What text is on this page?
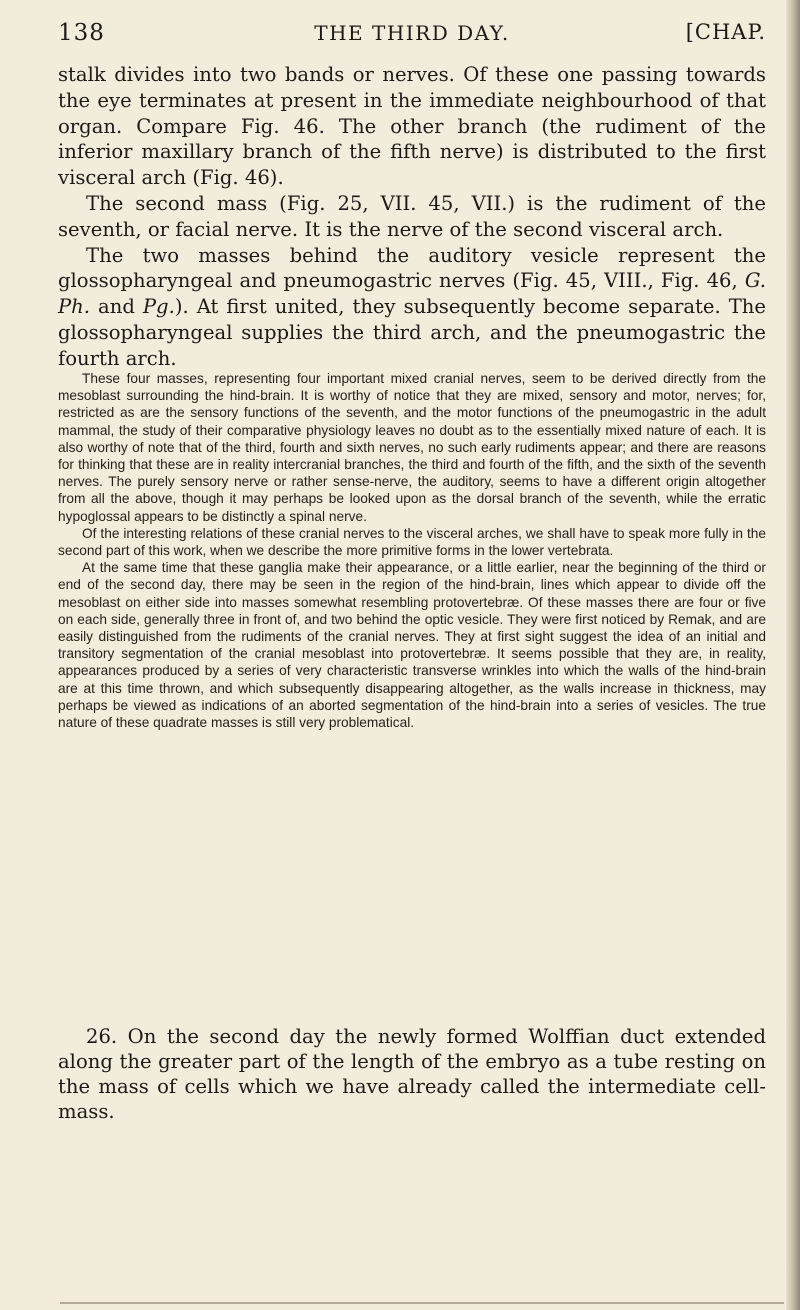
138	THE THIRD DAY.	[CHAP.

stalk divides into two bands or nerves. Of these one passing towards the eye terminates at present in the immediate neighbourhood of that organ. Compare Fig. 46. The other branch (the rudiment of the inferior maxillary branch of the fifth nerve) is distributed to the first visceral arch (Fig. 46).

The second mass (Fig. 25, VII. 45, VII.) is the rudiment of the seventh, or facial nerve. It is the nerve of the second visceral arch.

The two masses behind the auditory vesicle represent the glossopharyngeal and pneumogastric nerves (Fig. 45, VIII., Fig. 46, G. Ph. and Pg.). At first united, they subsequently become separate. The glossopharyngeal supplies the third arch, and the pneumogastric the fourth arch.

These four masses, representing four important mixed cranial nerves, seem to be derived directly from the mesoblast surrounding the hind-brain. It is worthy of notice that they are mixed, sensory and motor, nerves; for, restricted as are the sensory functions of the seventh, and the motor functions of the pneumogastric in the adult mammal, the study of their comparative physiology leaves no doubt as to the essentially mixed nature of each. It is also worthy of note that of the third, fourth and sixth nerves, no such early rudiments appear; and there are reasons for thinking that these are in reality intercranial branches, the third and fourth of the fifth, and the sixth of the seventh nerves. The purely sensory nerve or rather sense-nerve, the auditory, seems to have a different origin altogether from all the above, though it may perhaps be looked upon as the dorsal branch of the seventh, while the erratic hypoglossal appears to be distinctly a spinal nerve.

Of the interesting relations of these cranial nerves to the visceral arches, we shall have to speak more fully in the second part of this work, when we describe the more primitive forms in the lower vertebrata.

At the same time that these ganglia make their appearance, or a little earlier, near the beginning of the third or end of the second day, there may be seen in the region of the hind-brain, lines which appear to divide off the mesoblast on either side into masses somewhat resembling protovertebræ. Of these masses there are four or five on each side, generally three in front of, and two behind the optic vesicle. They were first noticed by Remak, and are easily distinguished from the rudiments of the cranial nerves. They at first sight suggest the idea of an initial and transitory segmentation of the cranial mesoblast into protovertebræ. It seems possible that they are, in reality, appearances produced by a series of very characteristic transverse wrinkles into which the walls of the hind-brain are at this time thrown, and which subsequently disappearing altogether, as the walls increase in thickness, may perhaps be viewed as indications of an aborted segmentation of the hind-brain into a series of vesicles. The true nature of these quadrate masses is still very problematical.

26. On the second day the newly formed Wolffian duct extended along the greater part of the length of the embryo as a tube resting on the mass of cells which we have already called the intermediate cell-mass.
